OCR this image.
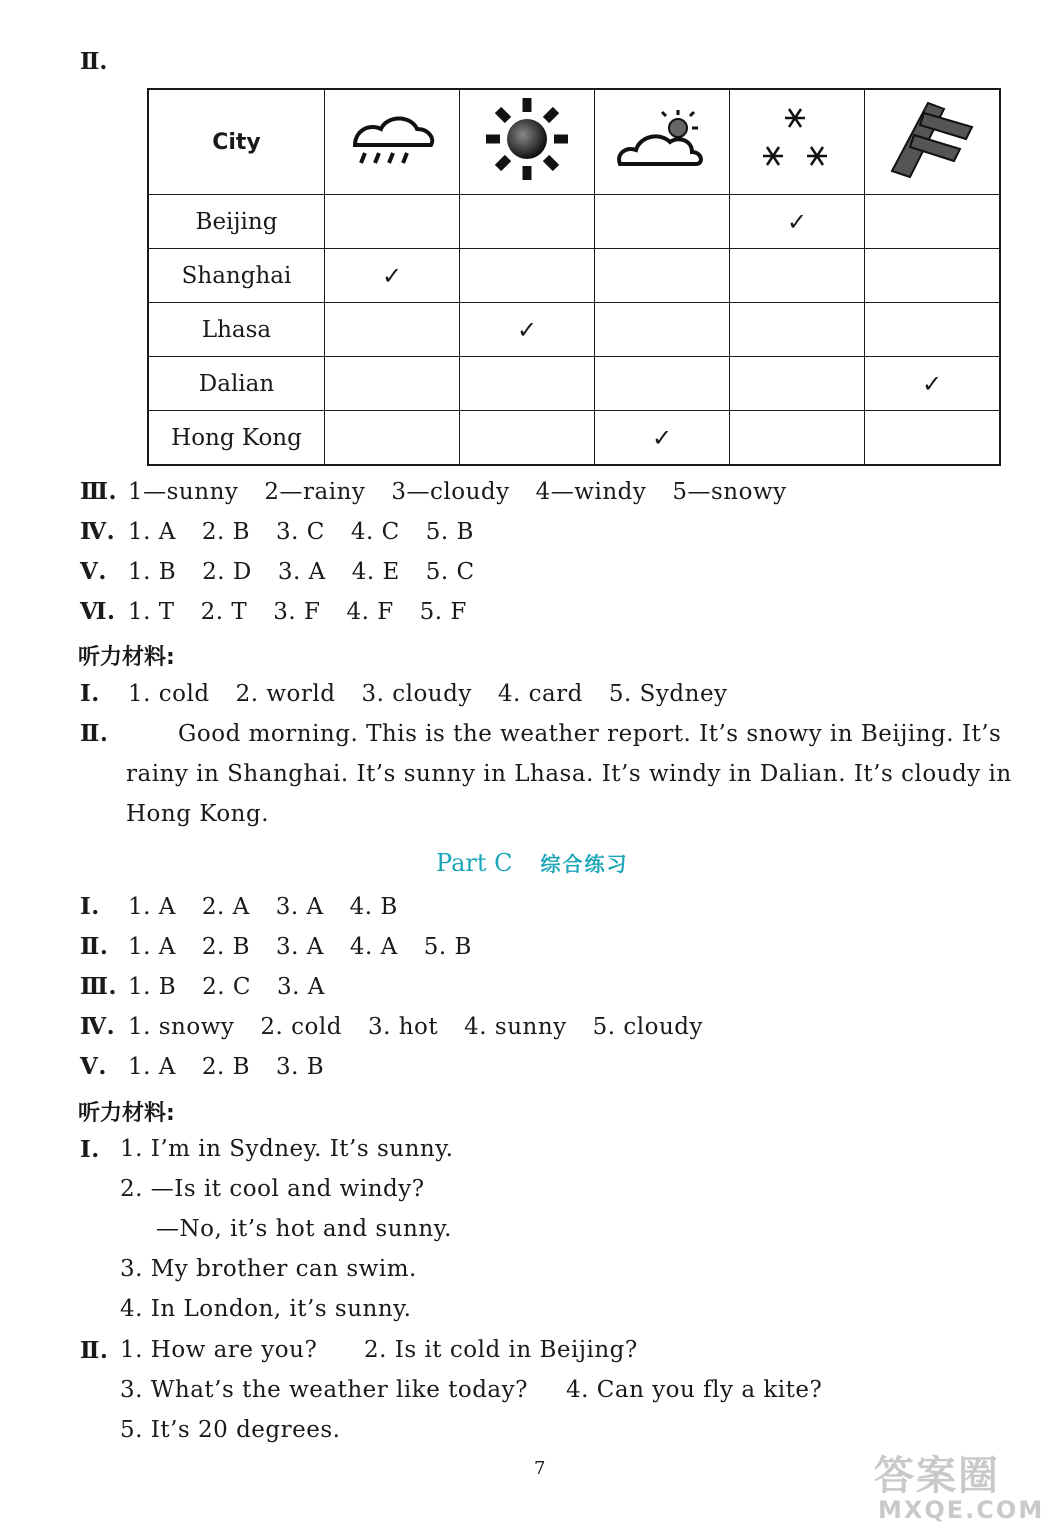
Ⅱ.
City					
Beijing				✓	
Shanghai	✓				
Lhasa		✓			
Dalian					✓
Hong Kong			✓		
Ⅲ. 1—sunny 2—rainy 3—cloudy 4—windy 5—snowy
Ⅳ. 1. A 2. B 3. C 4. C 5. B
Ⅴ. 1. B 2. D 3. A 4. E 5. C
Ⅵ. 1. T 2. T 3. F 4. F 5. F
听力材料:
Ⅰ. 1. cold 2. world 3. cloudy 4. card 5. Sydney
Ⅱ.	Good morning. This is the weather report. It’s snowy in Beijing. It’s
rainy in Shanghai. It’s sunny in Lhasa. It’s windy in Dalian. It’s cloudy in
Hong Kong.
Part C 综合练习
Ⅰ. 1. A 2. A 3. A 4. B
Ⅱ. 1. A 2. B 3. A 4. A 5. B
Ⅲ. 1. B 2. C 3. A
Ⅳ. 1. snowy 2. cold 3. hot 4. sunny 5. cloudy
Ⅴ. 1. A 2. B 3. B
听力材料:
Ⅰ. 1. I’m in Sydney. It’s sunny.
2. —Is it cool and windy?
—No, it’s hot and sunny.
3. My brother can swim.
4. In London, it’s sunny.
Ⅱ. 1. How are you? 2. Is it cold in Beijing?
3. What’s the weather like today? 4. Can you fly a kite?
5. It’s 20 degrees.
7	答案圈
MXQE.COM
